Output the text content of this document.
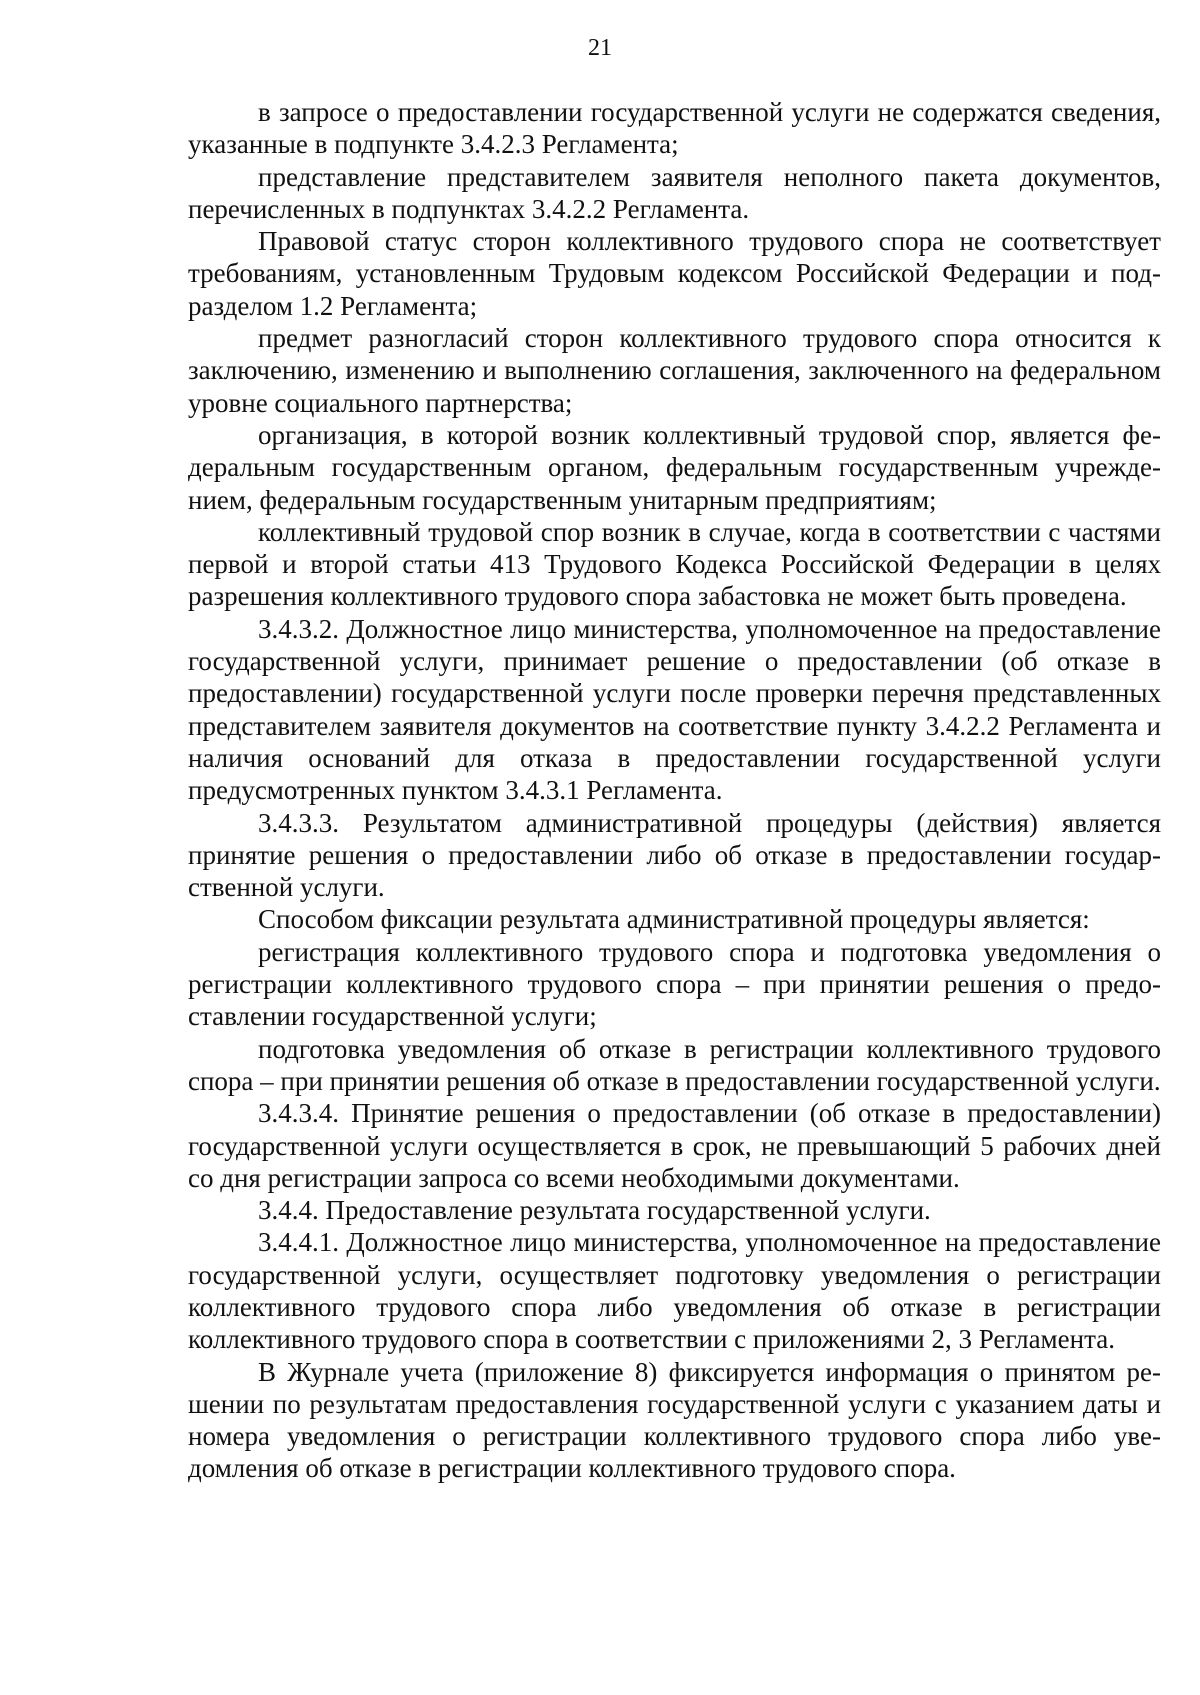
21

в запросе о предоставлении государственной услуги не содержатся сведения, указанные в подпункте 3.4.2.3 Регламента;

представление представителем заявителя неполного пакета документов, перечисленных в подпунктах 3.4.2.2 Регламента.

Правовой статус сторон коллективного трудового спора не соответствует требованиям, установленным Трудовым кодексом Российской Федерации и подразделом 1.2 Регламента;

предмет разногласий сторон коллективного трудового спора относится к заключению, изменению и выполнению соглашения, заключенного на федеральном уровне социального партнерства;

организация, в которой возник коллективный трудовой спор, является федеральным государственным органом, федеральным государственным учреждением, федеральным государственным унитарным предприятиям;

коллективный трудовой спор возник в случае, когда в соответствии с частями первой и второй статьи 413 Трудового Кодекса Российской Федерации в целях разрешения коллективного трудового спора забастовка не может быть проведена.

3.4.3.2. Должностное лицо министерства, уполномоченное на предоставление государственной услуги, принимает решение о предоставлении (об отказе в предоставлении) государственной услуги после проверки перечня представленных представителем заявителя документов на соответствие пункту 3.4.2.2 Регламента и наличия оснований для отказа в предоставлении государственной услуги предусмотренных пунктом 3.4.3.1 Регламента.

3.4.3.3. Результатом административной процедуры (действия) является принятие решения о предоставлении либо об отказе в предоставлении государственной услуги.

Способом фиксации результата административной процедуры является:

регистрация коллективного трудового спора и подготовка уведомления о регистрации коллективного трудового спора – при принятии решения о предоставлении государственной услуги;

подготовка уведомления об отказе в регистрации коллективного трудового спора – при принятии решения об отказе в предоставлении государственной услуги.

3.4.3.4. Принятие решения о предоставлении (об отказе в предоставлении) государственной услуги осуществляется в срок, не превышающий 5 рабочих дней со дня регистрации запроса со всеми необходимыми документами.

3.4.4. Предоставление результата государственной услуги.

3.4.4.1. Должностное лицо министерства, уполномоченное на предоставление государственной услуги, осуществляет подготовку уведомления о регистрации коллективного трудового спора либо уведомления об отказе в регистрации коллективного трудового спора в соответствии с приложениями 2, 3 Регламента.

В Журнале учета (приложение 8) фиксируется информация о принятом решении по результатам предоставления государственной услуги с указанием даты и номера уведомления о регистрации коллективного трудового спора либо уведомления об отказе в регистрации коллективного трудового спора.
